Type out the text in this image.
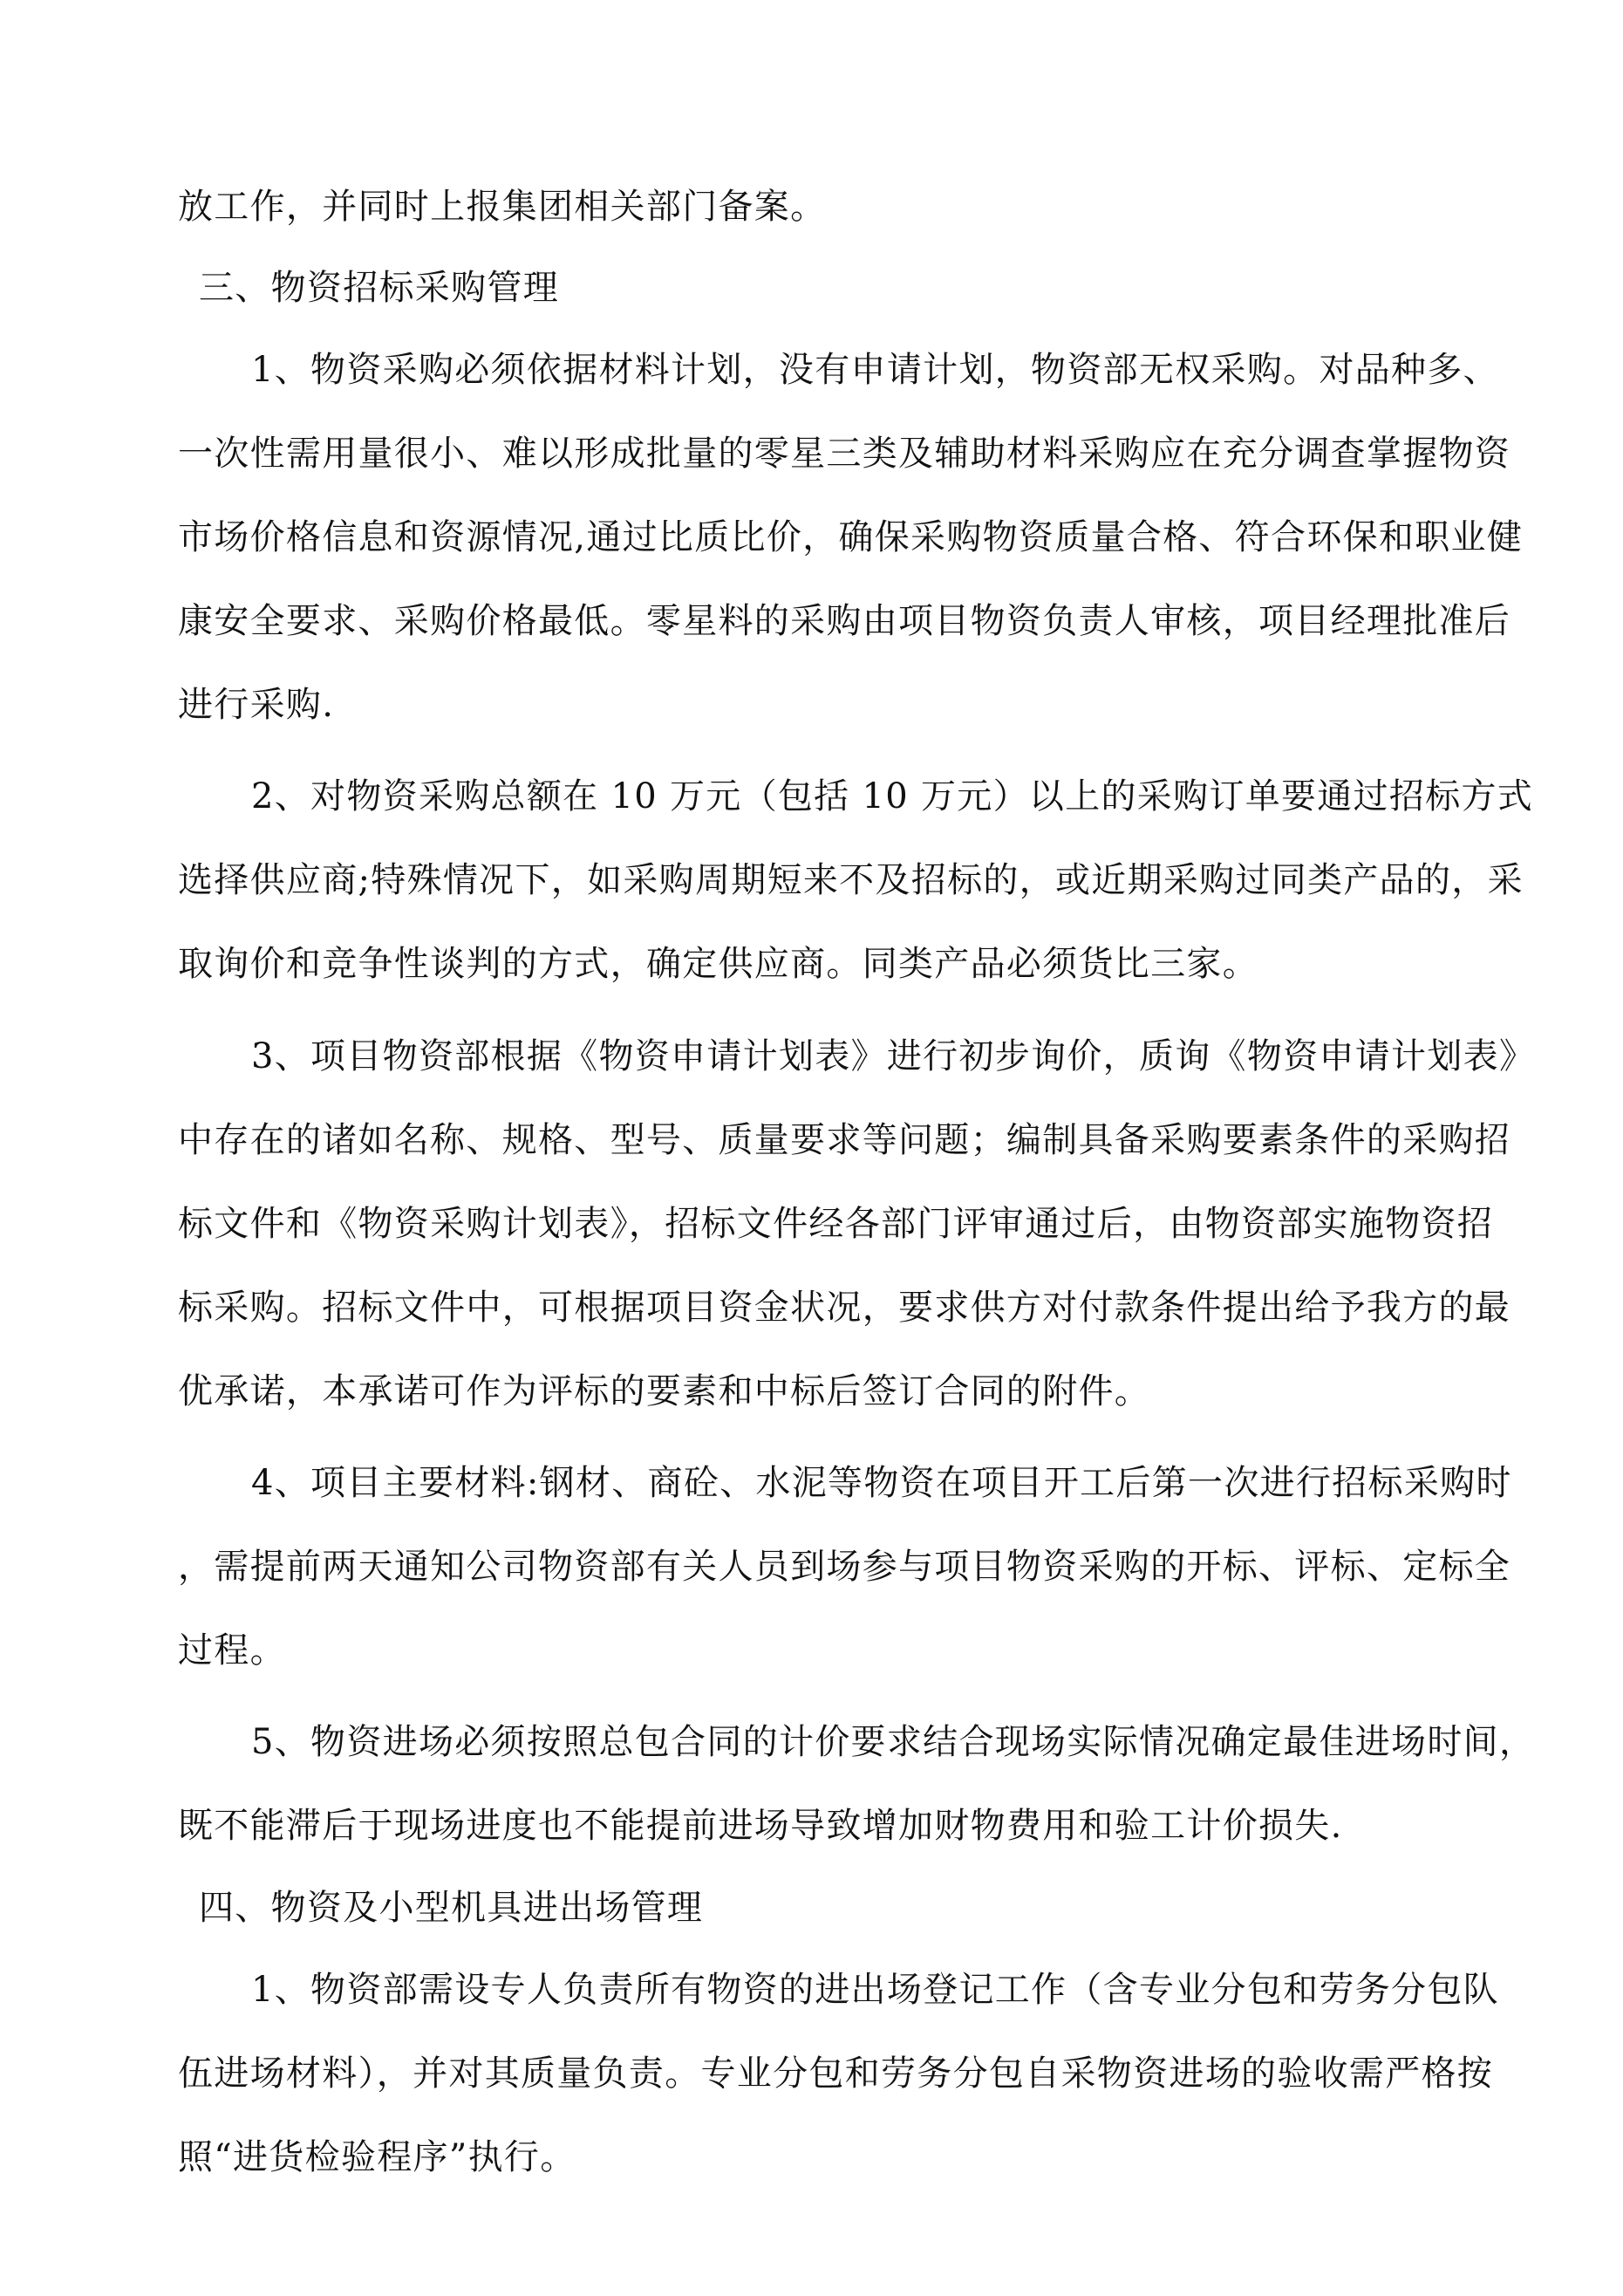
放工作，并同时上报集团相关部门备案。

三、物资招标采购管理

1、物资采购必须依据材料计划，没有申请计划，物资部无权采购。对品种多、

一次性需用量很小、难以形成批量的零星三类及辅助材料采购应在充分调查掌握物资

市场价格信息和资源情况,通过比质比价，确保采购物资质量合格、符合环保和职业健

康安全要求、采购价格最低。零星料的采购由项目物资负责人审核，项目经理批准后

进行采购.

2、对物资采购总额在 10 万元（包括 10 万元）以上的采购订单要通过招标方式

选择供应商;特殊情况下，如采购周期短来不及招标的，或近期采购过同类产品的，采

取询价和竞争性谈判的方式，确定供应商。同类产品必须货比三家。

3、项目物资部根据《物资申请计划表》进行初步询价，质询《物资申请计划表》

中存在的诸如名称、规格、型号、质量要求等问题；编制具备采购要素条件的采购招

标文件和《物资采购计划表》，招标文件经各部门评审通过后，由物资部实施物资招

标采购。招标文件中，可根据项目资金状况，要求供方对付款条件提出给予我方的最

优承诺，本承诺可作为评标的要素和中标后签订合同的附件。

4、项目主要材料:钢材、商砼、水泥等物资在项目开工后第一次进行招标采购时

，需提前两天通知公司物资部有关人员到场参与项目物资采购的开标、评标、定标全

过程。

5、物资进场必须按照总包合同的计价要求结合现场实际情况确定最佳进场时间，

既不能滞后于现场进度也不能提前进场导致增加财物费用和验工计价损失.

四、物资及小型机具进出场管理

1、物资部需设专人负责所有物资的进出场登记工作（含专业分包和劳务分包队

伍进场材料），并对其质量负责。专业分包和劳务分包自采物资进场的验收需严格按

照“进货检验程序”执行。
